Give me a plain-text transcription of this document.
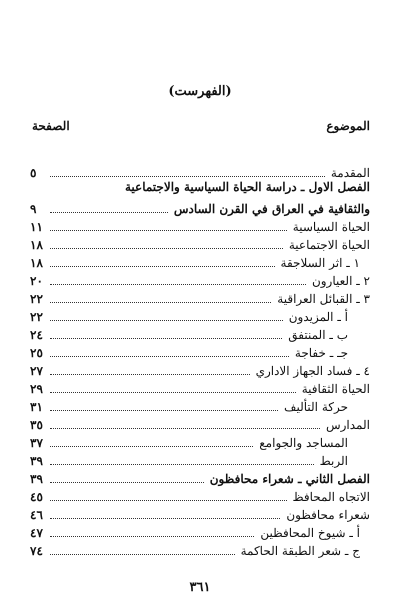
(الفهرست)
الموضوع
الصفحة
المقدمة
٥
والثقافية في العراق في القرن السادس
٩
الحياة السياسية
١١
الحياة الاجتماعية
١٨
١ ـ اثر السلاجقة
١٨
٢ ـ العيارون
٢٠
٣ ـ القبائل العراقية
٢٢
أ ـ المزيدون
٢٢
ب ـ المنتفق
٢٤
جـ ـ خفاجة
٢٥
٤ ـ فساد الجهاز الاداري
٢٧
الحياة الثقافية
٢٩
حركة التأليف
٣١
المدارس
٣٥
المساجد والجوامع
٣٧
الربط
٣٩
الفصل الثاني ـ شعراء محافظون
٣٩
الاتجاه المحافظ
٤٥
شعراء محافظون
٤٦
أ ـ شيوخ المحافظين
٤٧
ج ـ شعر الطبقة الحاكمة
٧٤
الفصل الاول ـ دراسة الحياة السياسية والاجتماعية
٣٦١
